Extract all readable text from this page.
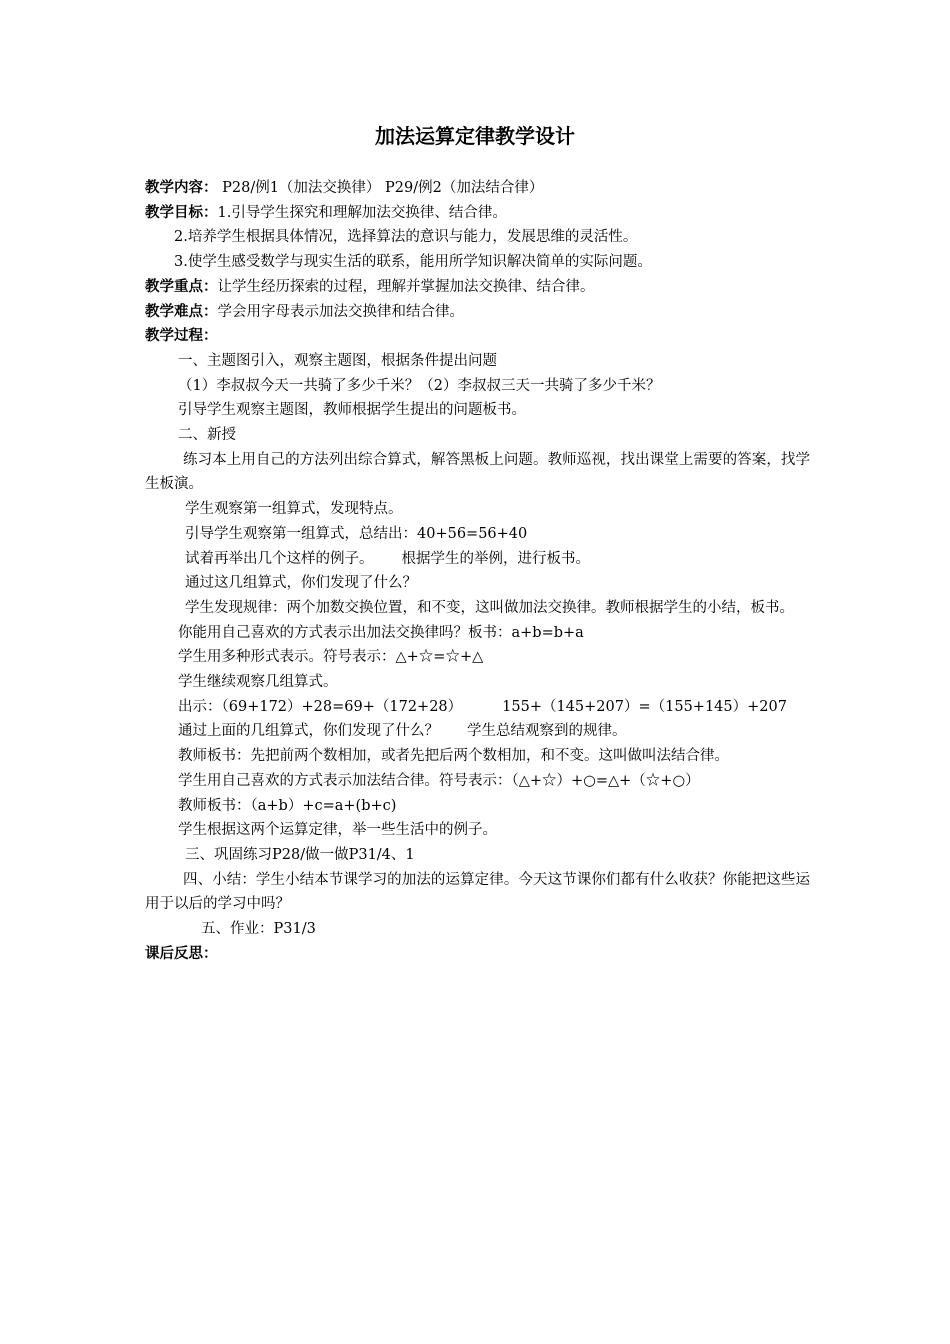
加法运算定律教学设计
教学内容： P28/例1（加法交换律） P29/例2（加法结合律）
教学目标：1.引导学生探究和理解加法交换律、结合律。
2.培养学生根据具体情况，选择算法的意识与能力，发展思维的灵活性。
3.使学生感受数学与现实生活的联系，能用所学知识解决简单的实际问题。
教学重点：让学生经历探索的过程，理解并掌握加法交换律、结合律。
教学难点：学会用字母表示加法交换律和结合律。
教学过程：
一、主题图引入，观察主题图，根据条件提出问题
（1）李叔叔今天一共骑了多少千米？（2）李叔叔三天一共骑了多少千米？
引导学生观察主题图，教师根据学生提出的问题板书。
二、新授
练习本上用自己的方法列出综合算式，解答黑板上问题。教师巡视，找出课堂上需要的答案，找学生板演。
学生观察第一组算式，发现特点。
引导学生观察第一组算式，总结出：40+56=56+40
试着再举出几个这样的例子。 根据学生的举例，进行板书。
通过这几组算式，你们发现了什么？
学生发现规律：两个加数交换位置，和不变，这叫做加法交换律。教师根据学生的小结，板书。
你能用自己喜欢的方式表示出加法交换律吗？板书：a+b=b+a
学生用多种形式表示。符号表示：△+☆=☆+△
学生继续观察几组算式。
出示：（69+172）+28=69+（172+28）	155+（145+207）=（155+145）+207
通过上面的几组算式，你们发现了什么？ 学生总结观察到的规律。
教师板书：先把前两个数相加，或者先把后两个数相加，和不变。这叫做叫法结合律。
学生用自己喜欢的方式表示加法结合律。符号表示：（△+☆）+○=△+（☆+○）
教师板书：（a+b）+c=a+(b+c)
学生根据这两个运算定律，举一些生活中的例子。
三、巩固练习P28/做一做P31/4、1
四、小结：学生小结本节课学习的加法的运算定律。今天这节课你们都有什么收获？你能把这些运用于以后的学习中吗？
五、作业：P31/3
课后反思：
